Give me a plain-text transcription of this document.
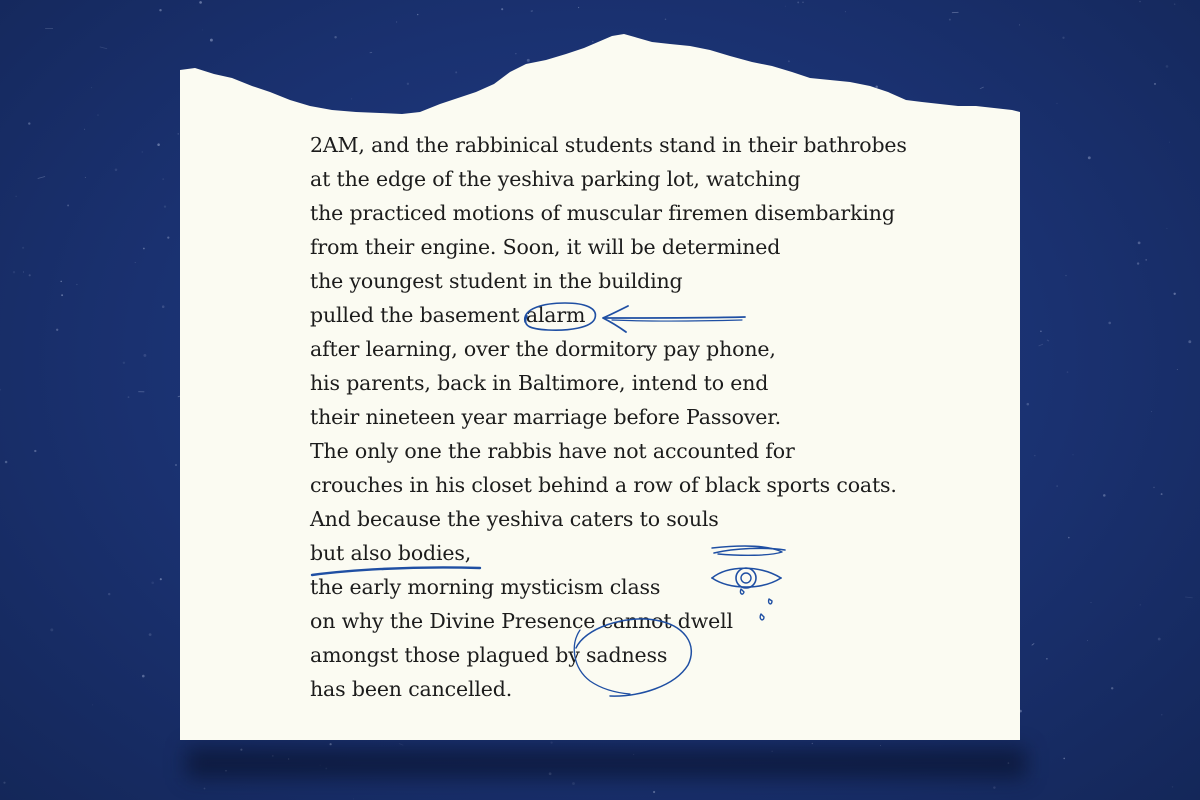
2AM, and the rabbinical students stand in their bathrobes
at the edge of the yeshiva parking lot, watching
the practiced motions of muscular firemen disembarking
from their engine. Soon, it will be determined
the youngest student in the building
pulled the basement alarm
after learning, over the dormitory pay phone,
his parents, back in Baltimore, intend to end
their nineteen year marriage before Passover.
The only one the rabbis have not accounted for
crouches in his closet behind a row of black sports coats.
And because the yeshiva caters to souls
but also bodies,
the early morning mysticism class
on why the Divine Presence cannot dwell
amongst those plagued by sadness
has been cancelled.
